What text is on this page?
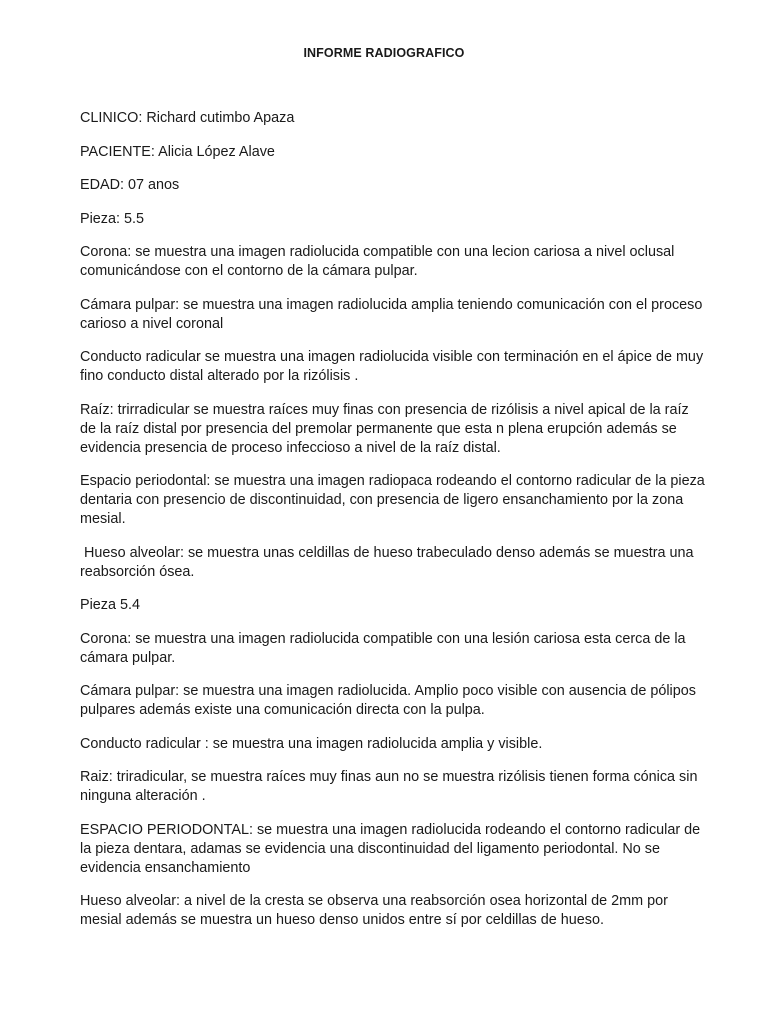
INFORME RADIOGRAFICO

CLINICO: Richard cutimbo Apaza

PACIENTE: Alicia López Alave

EDAD: 07 anos

Pieza: 5.5

Corona: se muestra una imagen radiolucida compatible con una lecion cariosa a nivel oclusal comunicándose con el contorno de la cámara pulpar.

Cámara pulpar: se muestra una imagen radiolucida amplia teniendo comunicación con el proceso carioso a nivel coronal

Conducto radicular se muestra una imagen radiolucida visible con terminación en el ápice de muy  fino conducto distal alterado por la rizólisis .

Raíz: trirradicular se muestra raíces muy finas con presencia de rizólisis a nivel apical de la raíz de la raíz distal por presencia del premolar permanente que esta n plena erupción además se evidencia presencia de proceso infeccioso a nivel de la raíz distal.

Espacio periodontal: se muestra una imagen radiopaca rodeando el contorno radicular de la pieza dentaria con presencio de discontinuidad, con presencia de ligero ensanchamiento por la zona mesial.

Hueso alveolar: se muestra unas celdillas de hueso trabeculado denso además se muestra una reabsorción ósea.

Pieza 5.4

Corona: se muestra una imagen radiolucida compatible con una lesión cariosa esta cerca de la cámara pulpar.

Cámara pulpar: se muestra una imagen radiolucida. Amplio poco visible con ausencia de pólipos pulpares además existe una comunicación directa con la pulpa.

Conducto radicular : se muestra una imagen radiolucida amplia y visible.

Raiz: triradicular, se muestra raíces muy finas aun no se muestra rizólisis tienen forma cónica sin ninguna alteración .

ESPACIO PERIODONTAL: se muestra una imagen radiolucida rodeando el contorno radicular de la pieza dentara, adamas se evidencia una discontinuidad del ligamento periodontal. No se evidencia ensanchamiento

Hueso alveolar: a nivel de la cresta se observa una reabsorción osea horizontal de 2mm por mesial además se muestra un hueso denso unidos entre sí por celdillas de hueso.
